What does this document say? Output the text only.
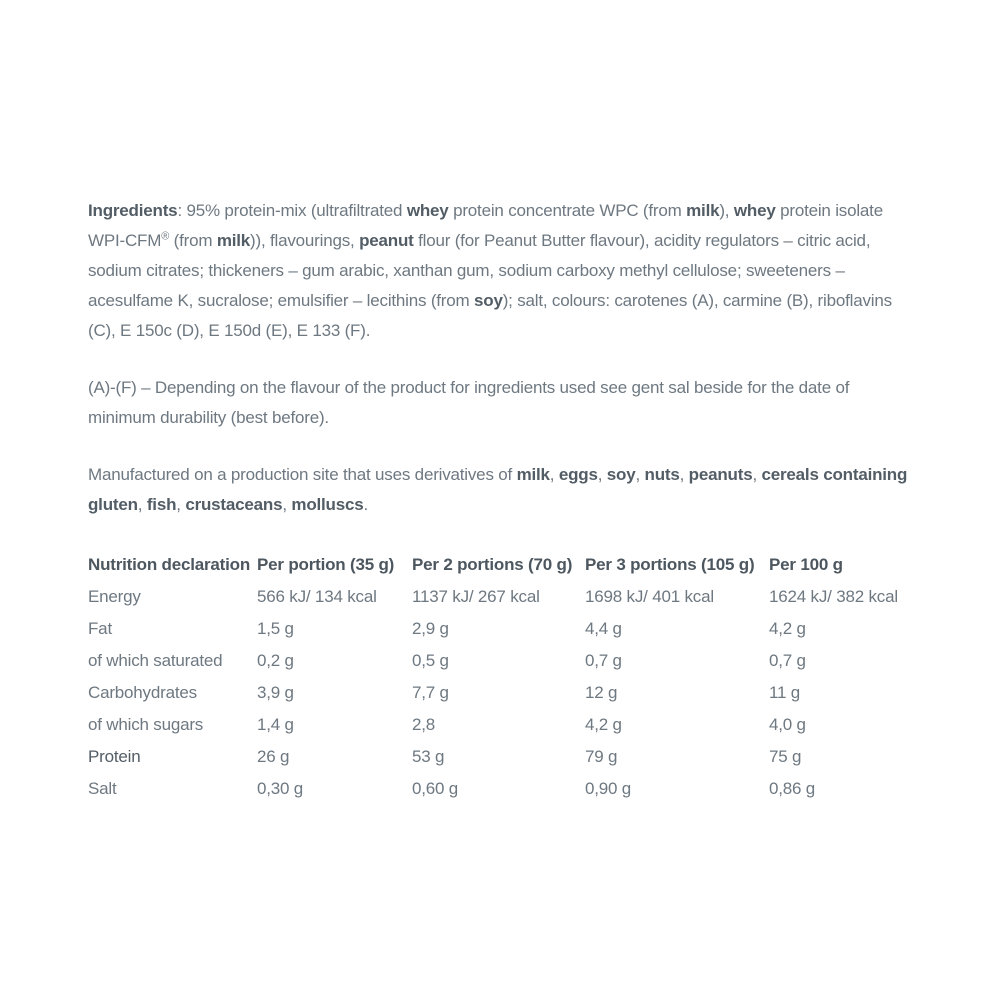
Ingredients: 95% protein-mix (ultrafiltrated whey protein concentrate WPC (from milk), whey protein isolate WPI-CFM® (from milk)), flavourings, peanut flour (for Peanut Butter flavour), acidity regulators – citric acid, sodium citrates; thickeners – gum arabic, xanthan gum, sodium carboxy methyl cellulose; sweeteners – acesulfame K, sucralose; emulsifier – lecithins (from soy); salt, colours: carotenes (A), carmine (B), riboflavins (C), E 150c (D), E 150d (E), E 133 (F).

(A)-(F) – Depending on the flavour of the product for ingredients used see gent sal beside for the date of minimum durability (best before).

Manufactured on a production site that uses derivatives of milk, eggs, soy, nuts, peanuts, cereals containing gluten, fish, crustaceans, molluscs.

Nutrition declaration	Per portion (35 g)	Per 2 portions (70 g)	Per 3 portions (105 g)	Per 100 g
Energy	566 kJ/ 134 kcal	1137 kJ/ 267 kcal	1698 kJ/ 401 kcal	1624 kJ/ 382 kcal
Fat	1,5 g	2,9 g	4,4 g	4,2 g
of which saturated	0,2 g	0,5 g	0,7 g	0,7 g
Carbohydrates	3,9 g	7,7 g	12 g	11 g
of which sugars	1,4 g	2,8	4,2 g	4,0 g
Protein	26 g	53 g	79 g	75 g
Salt	0,30 g	0,60 g	0,90 g	0,86 g
